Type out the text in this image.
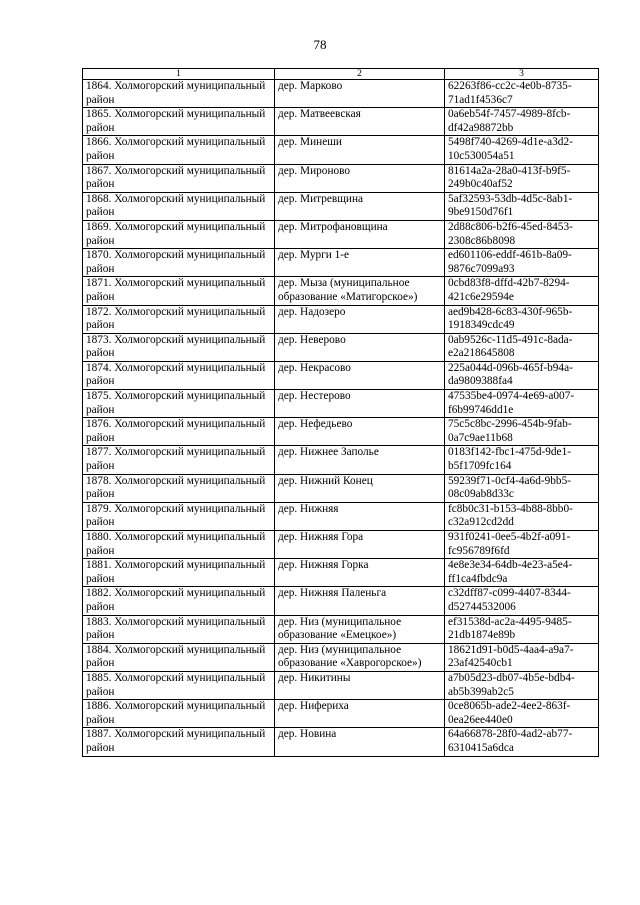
78
1	2	3
1864. Холмогорский муниципальный район	дер. Марково	62263f86-cc2c-4e0b-8735-71ad1f4536c7
1865. Холмогорский муниципальный район	дер. Матвеевская	0a6eb54f-7457-4989-8fcb-df42a98872bb
1866. Холмогорский муниципальный район	дер. Минеши	5498f740-4269-4d1e-a3d2-10c530054a51
1867. Холмогорский муниципальный район	дер. Мироново	81614a2a-28a0-413f-b9f5-249b0c40af52
1868. Холмогорский муниципальный район	дер. Митревщина	5af32593-53db-4d5c-8ab1-9be9150d76f1
1869. Холмогорский муниципальный район	дер. Митрофановщина	2d88c806-b2f6-45ed-8453-2308c86b8098
1870. Холмогорский муниципальный район	дер. Мурги 1-е	ed601106-eddf-461b-8a09-9876c7099a93
1871. Холмогорский муниципальный район	дер. Мыза (муниципальное образование «Матигорское»)	0cbd83f8-dffd-42b7-8294-421c6e29594e
1872. Холмогорский муниципальный район	дер. Надозеро	aed9b428-6c83-430f-965b-1918349cdc49
1873. Холмогорский муниципальный район	дер. Неверово	0ab9526c-11d5-491c-8ada-e2a218645808
1874. Холмогорский муниципальный район	дер. Некрасово	225a044d-096b-465f-b94a-da9809388fa4
1875. Холмогорский муниципальный район	дер. Нестерово	47535be4-0974-4e69-a007-f6b99746dd1e
1876. Холмогорский муниципальный район	дер. Нефедьево	75c5c8bc-2996-454b-9fab-0a7c9ae11b68
1877. Холмогорский муниципальный район	дер. Нижнее Заполье	0183f142-fbc1-475d-9de1-b5f1709fc164
1878. Холмогорский муниципальный район	дер. Нижний Конец	59239f71-0cf4-4a6d-9bb5-08c09ab8d33c
1879. Холмогорский муниципальный район	дер. Нижняя	fc8b0c31-b153-4b88-8bb0-c32a912cd2dd
1880. Холмогорский муниципальный район	дер. Нижняя Гора	931f0241-0ee5-4b2f-a091-fc956789f6fd
1881. Холмогорский муниципальный район	дер. Нижняя Горка	4e8e3e34-64db-4e23-a5e4-ff1ca4fbdc9a
1882. Холмогорский муниципальный район	дер. Нижняя Паленьга	c32dff87-c099-4407-8344-d52744532006
1883. Холмогорский муниципальный район	дер. Низ (муниципальное образование «Емецкое»)	ef31538d-ac2a-4495-9485-21db1874e89b
1884. Холмогорский муниципальный район	дер. Низ (муниципальное образование «Хаврогорское»)	18621d91-b0d5-4aa4-a9a7-23af42540cb1
1885. Холмогорский муниципальный район	дер. Никитины	a7b05d23-db07-4b5e-bdb4-ab5b399ab2c5
1886. Холмогорский муниципальный район	дер. Нифериха	0ce8065b-ade2-4ee2-863f-0ea26ee440e0
1887. Холмогорский муниципальный район	дер. Новина	64a66878-28f0-4ad2-ab77-6310415a6dca
